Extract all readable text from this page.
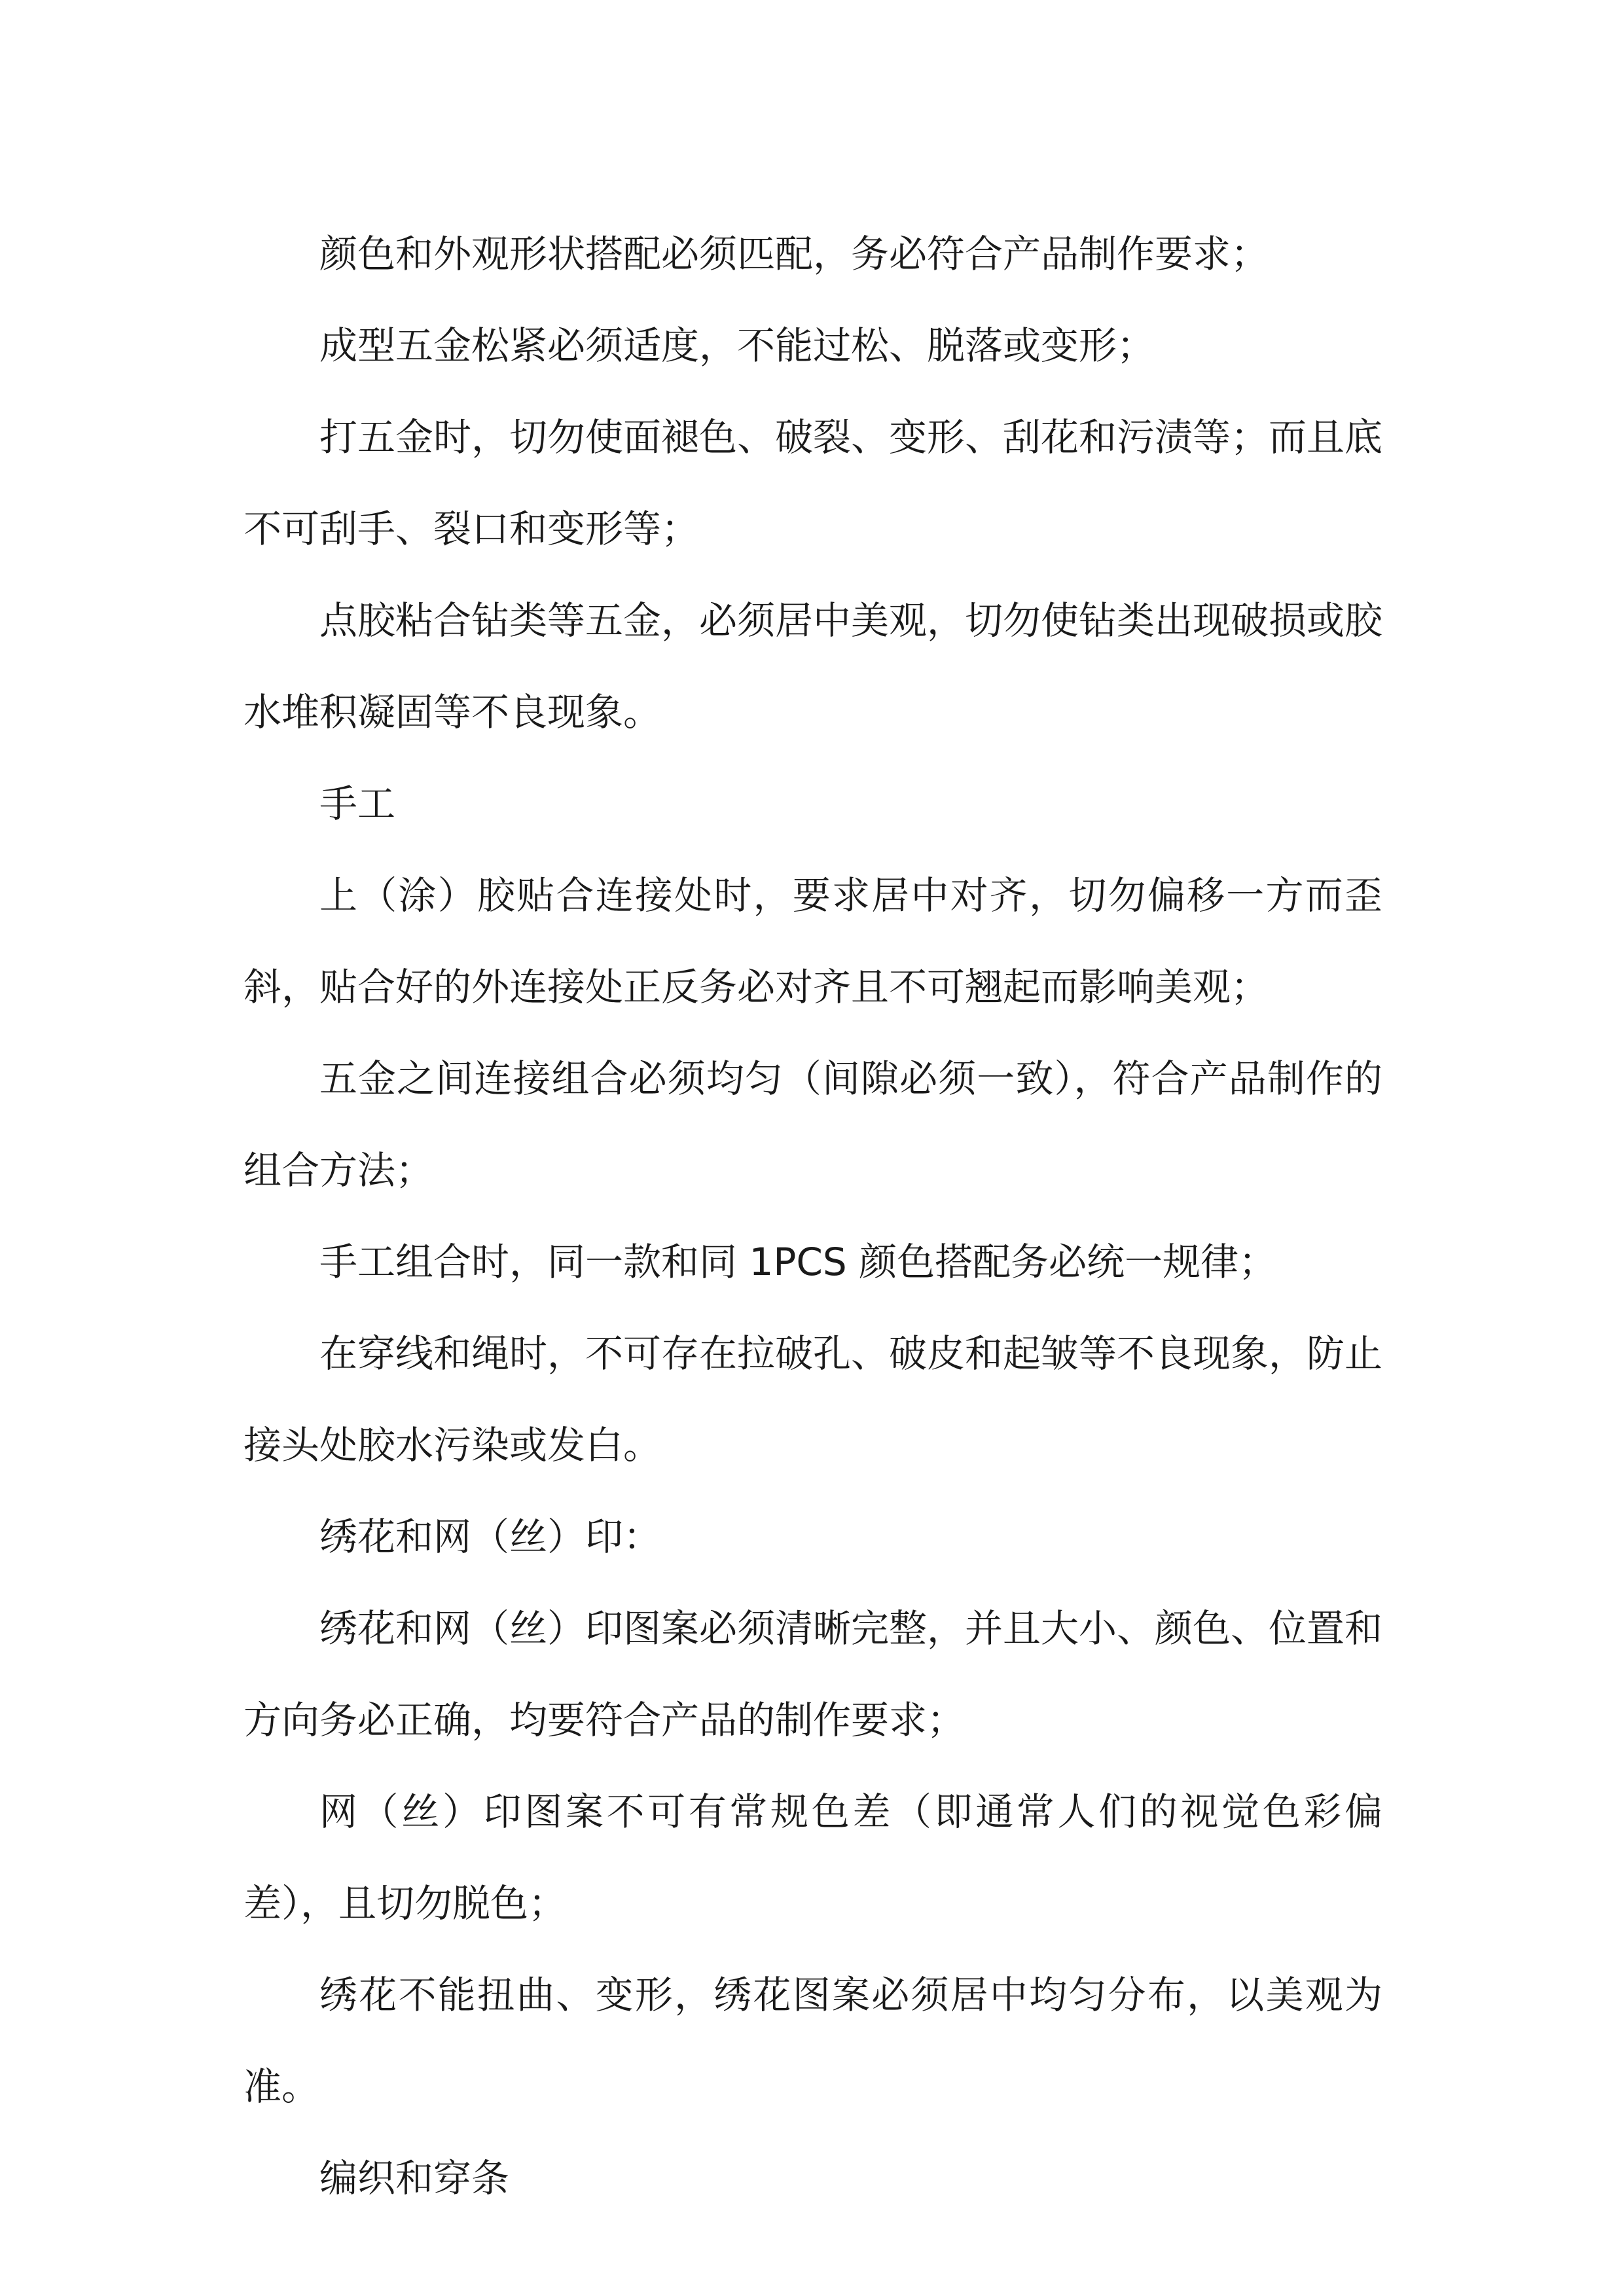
颜色和外观形状搭配必须匹配，务必符合产品制作要求；

成型五金松紧必须适度，不能过松、脱落或变形；

打五金时，切勿使面褪色、破裂、变形、刮花和污渍等；而且底不可刮手、裂口和变形等；

点胶粘合钻类等五金，必须居中美观，切勿使钻类出现破损或胶水堆积凝固等不良现象。

手工

上（涂）胶贴合连接处时，要求居中对齐，切勿偏移一方而歪斜，贴合好的外连接处正反务必对齐且不可翘起而影响美观；

五金之间连接组合必须均匀（间隙必须一致），符合产品制作的组合方法；

手工组合时，同一款和同 1PCS 颜色搭配务必统一规律；

在穿线和绳时，不可存在拉破孔、破皮和起皱等不良现象，防止接头处胶水污染或发白。

绣花和网（丝）印：

绣花和网（丝）印图案必须清晰完整，并且大小、颜色、位置和方向务必正确，均要符合产品的制作要求；

网（丝）印图案不可有常规色差（即通常人们的视觉色彩偏差），且切勿脱色；

绣花不能扭曲、变形，绣花图案必须居中均匀分布，以美观为准。

编织和穿条
